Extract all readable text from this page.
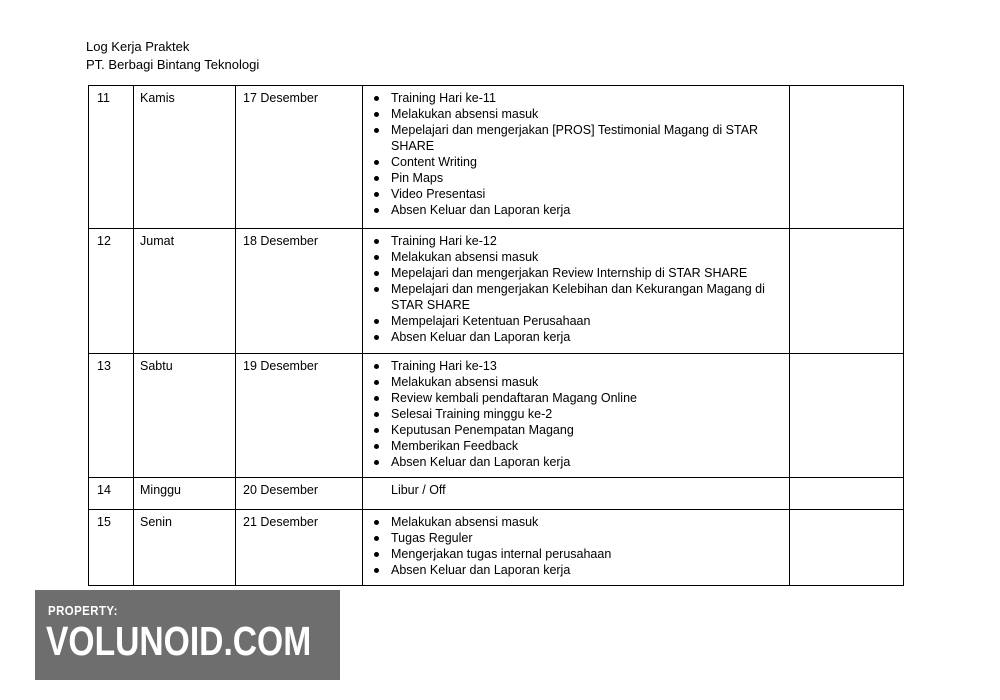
Log Kerja Praktek
PT. Berbagi Bintang Teknologi
11	Kamis	17 Desember	Training Hari ke-11
Melakukan absensi masuk
Mepelajari dan mengerjakan [PROS] Testimonial Magang di STAR SHARE
Content Writing
Pin Maps
Video Presentasi
Absen Keluar dan Laporan kerja

12	Jumat	18 Desember	Training Hari ke-12
Melakukan absensi masuk
Mepelajari dan mengerjakan Review Internship di STAR SHARE
Mepelajari dan mengerjakan Kelebihan dan Kekurangan Magang di STAR SHARE
Mempelajari Ketentuan Perusahaan
Absen Keluar dan Laporan kerja

13	Sabtu	19 Desember	Training Hari ke-13
Melakukan absensi masuk
Review kembali pendaftaran Magang Online
Selesai Training minggu ke-2
Keputusan Penempatan Magang
Memberikan Feedback
Absen Keluar dan Laporan kerja

14	Minggu	20 Desember	Libur / Off

15	Senin	21 Desember	Melakukan absensi masuk
Tugas Reguler
Mengerjakan tugas internal perusahaan
Absen Keluar dan Laporan kerja

PROPERTY:
VOLUNOID.COM
